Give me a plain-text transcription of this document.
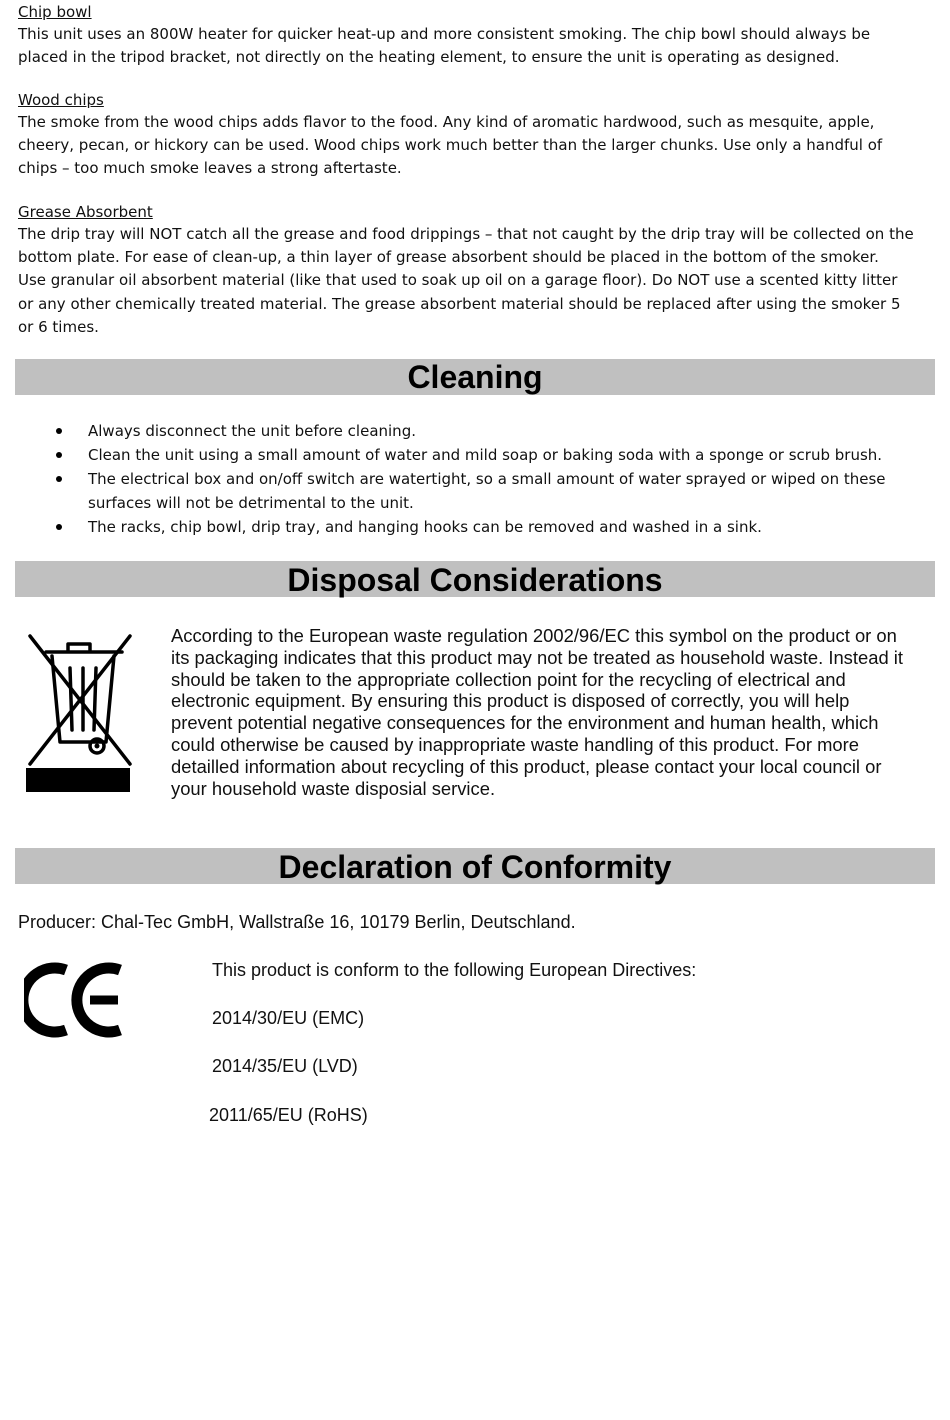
Chip bowl

This unit uses an 800W heater for quicker heat-up and more consistent smoking. The chip bowl should always be
placed in the tripod bracket, not directly on the heating element, to ensure the unit is operating as designed.

Wood chips

The smoke from the wood chips adds flavor to the food. Any kind of aromatic hardwood, such as mesquite, apple,
cheery, pecan, or hickory can be used. Wood chips work much better than the larger chunks. Use only a handful of
chips – too much smoke leaves a strong aftertaste.

Grease Absorbent

The drip tray will NOT catch all the grease and food drippings – that not caught by the drip tray will be collected on the
bottom plate. For ease of clean-up, a thin layer of grease absorbent should be placed in the bottom of the smoker.
Use granular oil absorbent material (like that used to soak up oil on a garage floor). Do NOT use a scented kitty litter
or any other chemically treated material. The grease absorbent material should be replaced after using the smoker 5
or 6 times.

Cleaning
Always disconnect the unit before cleaning.
Clean the unit using a small amount of water and mild soap or baking soda with a sponge or scrub brush.
The electrical box and on/off switch are watertight, so a small amount of water sprayed or wiped on these
surfaces will not be detrimental to the unit.
The racks, chip bowl, drip tray, and hanging hooks can be removed and washed in a sink.
Disposal Considerations
According to the European waste regulation 2002/96/EC this symbol on the product or on
its packaging indicates that this product may not be treated as household waste. Instead it
should be taken to the appropriate collection point for the recycling of electrical and
electronic equipment. By ensuring this product is disposed of correctly, you will help
prevent potential negative consequences for the environment and human health, which
could otherwise be caused by inappropriate waste handling of this product. For more
detailled information about recycling of this product, please contact your local council or
your household waste disposial service.
Declaration of Conformity

Producer: Chal-Tec GmbH, Wallstraße 16, 10179 Berlin, Deutschland.

This product is conform to the following European Directives:

2014/30/EU (EMC)

2014/35/EU (LVD)

2011/65/EU (RoHS)
